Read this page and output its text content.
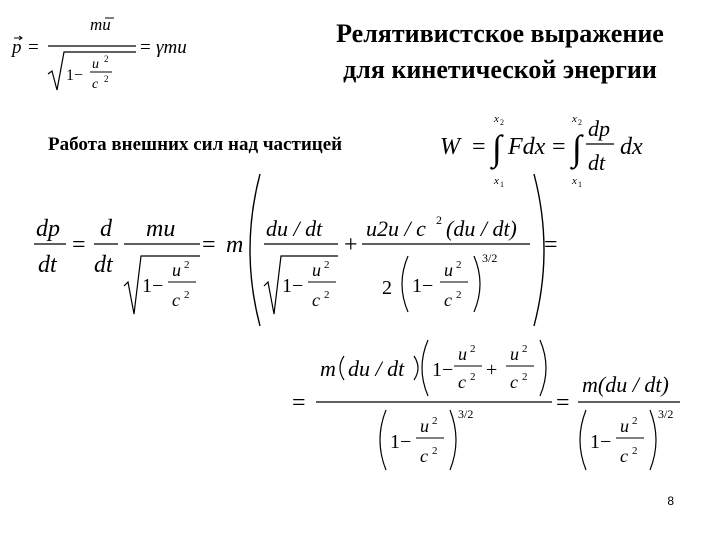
Релятивистское выражение
для кинетической энергии
Работа внешних сил над частицей
p =
mu
1−
u 2
c 2
= γmu
W = ∫
x 2
x 1
Fdx = ∫
x 2
x 1
dp
dt
dx
dp
dt
=
d
dt
mu
1−
u 2
c 2
= m
du / dt
1−
u 2
c 2
+
u2u / c 2 (du / dt)
2 1−
u 2
c 2
3/2 =
=
m du / dt 1−
u 2
c 2 +
u 2
c 2
1−
u 2
c 2
3/2	=
m(du / dt)
1−
u 2
c 2
3/2
8
